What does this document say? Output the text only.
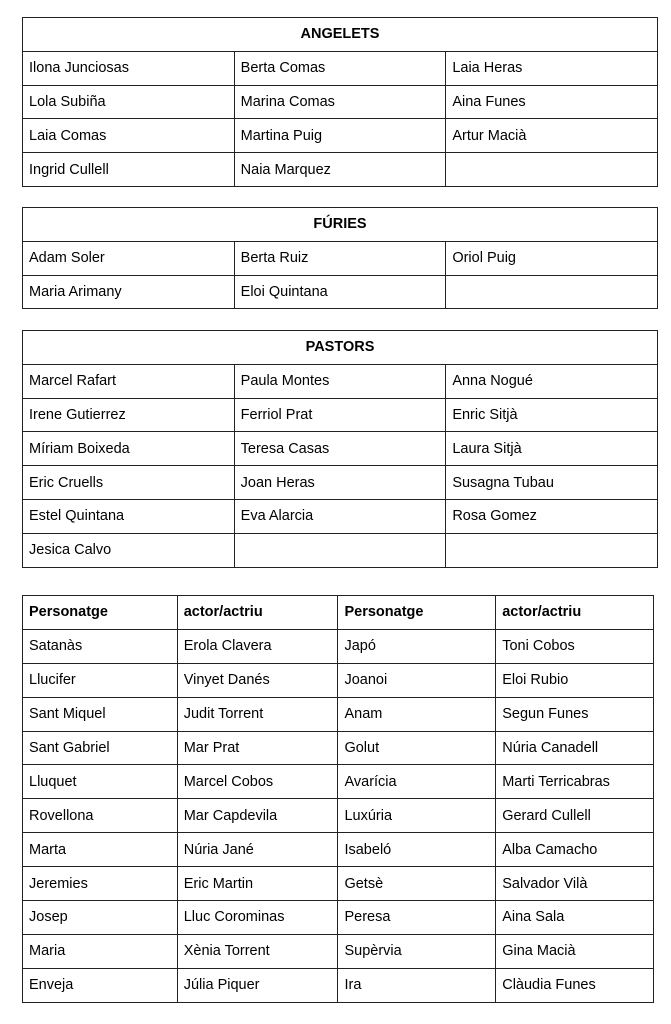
ANGELETS		
Ilona Junciosas	Berta Comas	Laia Heras
Lola Subiña	Marina Comas	Aina Funes
Laia Comas	Martina Puig	Artur Macià
Ingrid Cullell	Naia Marquez	
FÚRIES		
Adam Soler	Berta Ruiz	Oriol Puig
Maria Arimany	Eloi Quintana	
PASTORS		
Marcel Rafart	Paula Montes	Anna Nogué
Irene Gutierrez	Ferriol Prat	Enric Sitjà
Míriam Boixeda	Teresa Casas	Laura Sitjà
Eric Cruells	Joan Heras	Susagna Tubau
Estel Quintana	Eva Alarcia	Rosa Gomez
Jesica Calvo		
Personatge	actor/actriu	Personatge	actor/actriu
Satanàs	Erola Clavera	Japó	Toni Cobos
Llucifer	Vinyet Danés	Joanoi	Eloi Rubio
Sant Miquel	Judit Torrent	Anam	Segun Funes
Sant Gabriel	Mar Prat	Golut	Núria Canadell
Lluquet	Marcel Cobos	Avarícia	Marti Terricabras
Rovellona	Mar Capdevila	Luxúria	Gerard Cullell
Marta	Núria Jané	Isabeló	Alba Camacho
Jeremies	Eric Martin	Getsè	Salvador Vilà
Josep	Lluc Corominas	Peresa	Aina Sala
Maria	Xènia Torrent	Supèrvia	Gina Macià
Enveja	Júlia Piquer	Ira	Clàudia Funes
